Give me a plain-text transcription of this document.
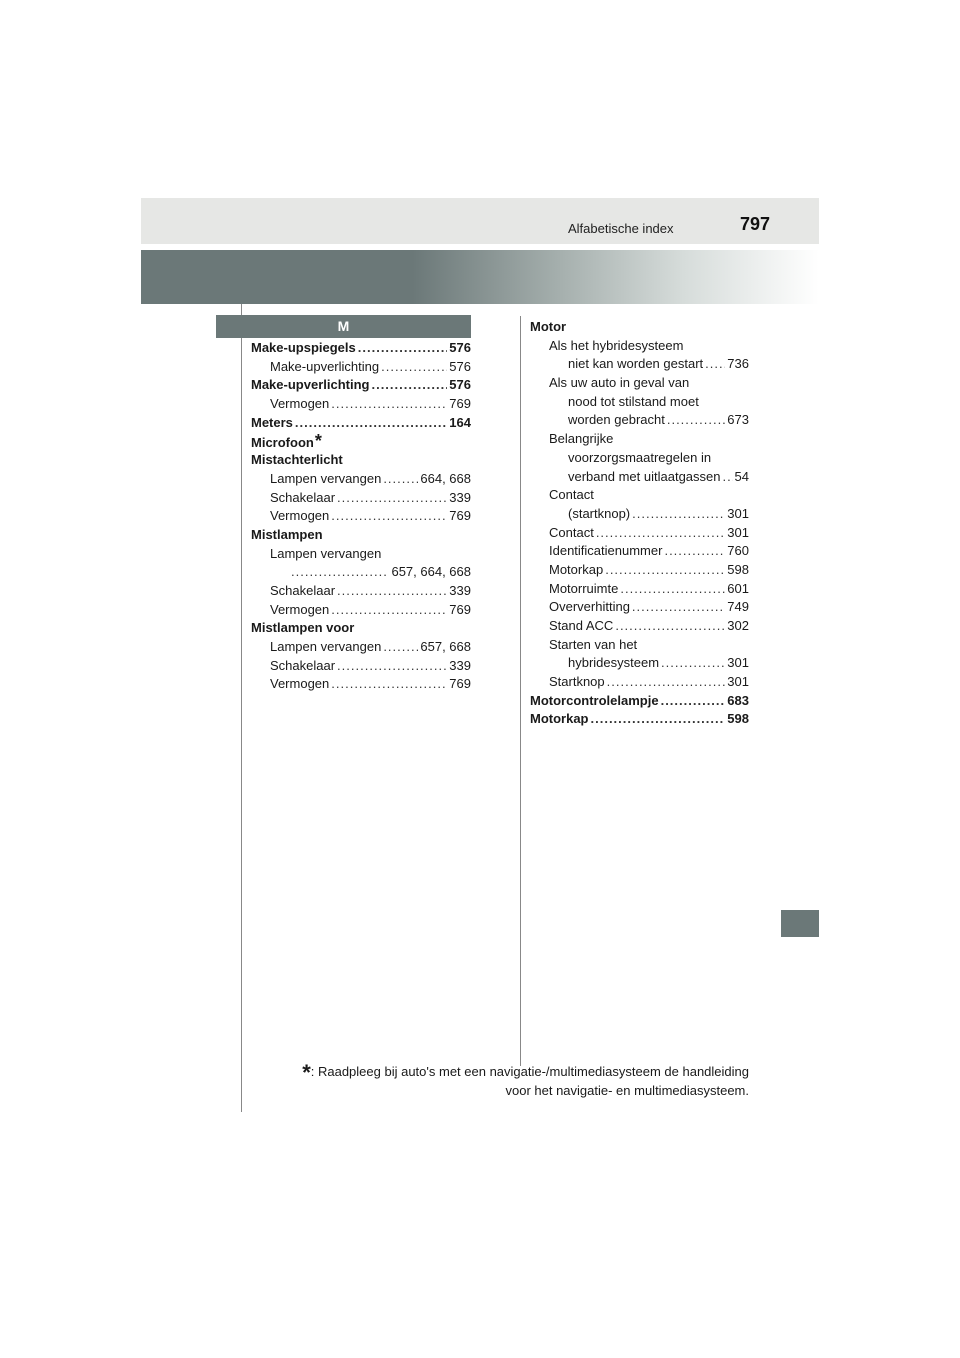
Alfabetische index	797
M
Make-upspiegels .....	576
Make-upverlichting .....	576
Make-upverlichting .....	576
Vermogen .....	769
Meters .....	164
Microfoon *
Mistachterlicht
Lampen vervangen .....	664, 668
Schakelaar .....	339
Vermogen .....	769
Mistlampen
Lampen vervangen
.....
657, 664, 668
Schakelaar .....	339
Vermogen .....	769
Mistlampen voor
Lampen vervangen .....	657, 668
Schakelaar .....	339
Vermogen .....	769
Motor
Als het hybridesysteem
niet kan worden gestart ..... 736
Als uw auto in geval van
nood tot stilstand moet
worden gebracht .....	673
Belangrijke
voorzorgsmaatregelen in
verband met uitlaatgassen ..... 54
Contact
(startknop) .....	301
Contact .....	301
Identificatienummer .....	760
Motorkap .....	598
Motorruimte .....	601
Oververhitting .....	749
Stand ACC .....	302
Starten van het
hybridesysteem .....	301
Startknop .....	301
Motorcontrolelampje .....	683
Motorkap .....	598
*: Raadpleeg bij auto's met een navigatie-/multimediasysteem de handleiding
voor het navigatie- en multimediasysteem.
